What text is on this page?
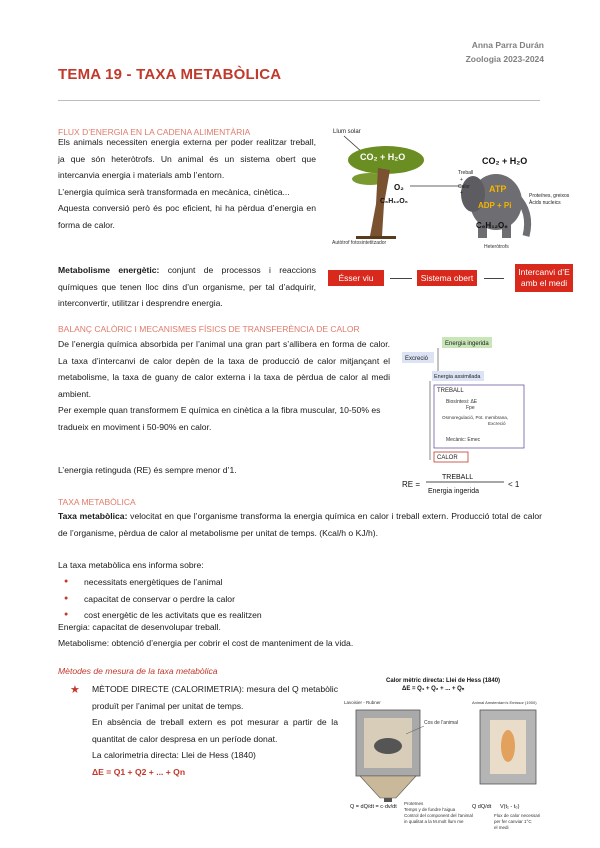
Anna Parra Durán
Zoologia 2023-2024
TEMA 19 - TAXA METABÒLICA
FLUX D’ENERGIA EN LA CADENA ALIMENTÀRIA
Els animals necessiten energia externa per poder realitzar treball, ja que són heteròtrofs. Un animal és un sistema obert que intercanvia energia i materials amb l’entorn.
L’energia química serà transformada en mecànica, cinètica...
Aquesta conversió però és poc eficient, hi ha pèrdua d’energia en forma de calor.
Metabolisme energètic: conjunt de processos i reaccions químiques que tenen lloc dins d’un organisme, per tal d’adquirir, interconvertir, utilitzar i desprendre energia.
Llum solar
CO₂ + H₂O
O₂
C₆H₁₂O₆
Autòtrof fotosintetitzador
CO₂ + H₂O
Treball
+
Calor
+	ATP
ADP + Pi
Proteïnes, greixos
Àcids nucleics
C₆H₁₂O₆
Heteròtrofs
Ésser viu	Sistema obert
Intercanvi d’E amb el medi
BALANÇ CALÒRIC I MECANISMES FÍSICS DE TRANSFERÈNCIA DE CALOR
De l’energia química absorbida per l’animal una gran part s’allibera en forma de calor. La taxa d’intercanvi de calor depèn de la taxa de producció de calor mitjançant el metabolisme, la taxa de guany de calor externa i la taxa de pèrdua de calor al medi ambient.
Per exemple quan transformem E química en cinètica a la fibra muscular, 10-50% es tradueix en moviment i 50-90% en calor.
L’energia retinguda (RE) és sempre menor d’1.
Energia ingerida
Excreció
Energia assimilada
TREBALL
Biosíntesi: ΔE
Fpe
Osmoregulació, Pot. membrana,
Excreció
Mecànic: Emec
CALOR
RE =
TREBALL
Energia ingerida
< 1
TAXA METABÒLICA
Taxa metabòlica: velocitat en que l’organisme transforma la energia química en calor i treball extern. Producció total de calor de l’organisme, pèrdua de calor al metabolisme per unitat de temps. (Kcal/h o KJ/h).
La taxa metabòlica ens informa sobre:
● necessitats energètiques de l’animal
● capacitat de conservar o perdre la calor
● cost energètic de les activitats que es realitzen
Energia: capacitat de desenvolupar treball.
Metabolisme: obtenció d’energia per cobrir el cost de manteniment de la vida.
Mètodes de mesura de la taxa metabòlica
★ MÈTODE DIRECTE (CALORIMETRIA): mesura del Q metabòlic produït per l’animal per unitat de temps.
En absència de treball extern es pot mesurar a partir de la quantitat de calor despresa en un període donat.
La calorimetria directa: Llei de Hess (1840)
ΔE = Q1 + Q2 + ... + Qn
Calor mètric directa: Llei de Hess (1840)
ΔE = Q₁ + Q₂ + ... + Qₙ
Lavoisier - Rubner	Animal Amsterdam's Emissor (1900)
Cos de l'animal
Q = dQ/dt = c·dv/dt
Proteïnes
Temps y de fundre l'aigua
Control del component del l'animal
in qualitat a la M.molt llum me
Q dQ/dt V(t₁ - t₀)
Flux de calor necessari
per fer canviar 1°C
el medi
